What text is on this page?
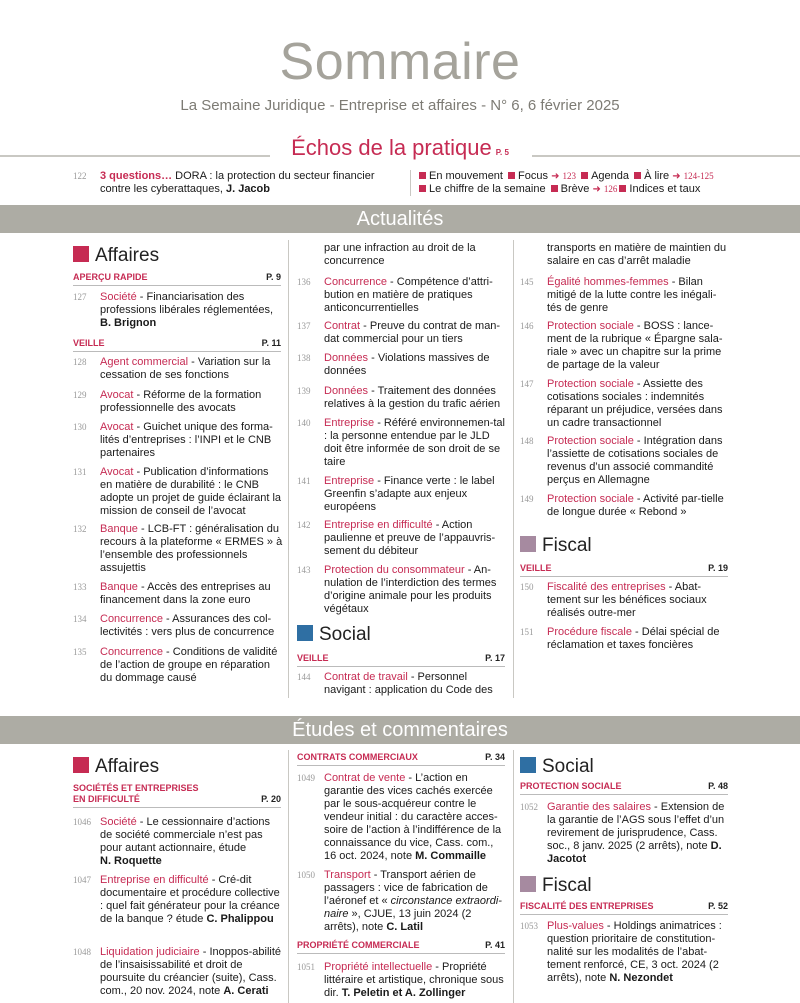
Sommaire
La Semaine Juridique - Entreprise et affaires - N° 6, 6 février 2025
Échos de la pratique P. 5
122 3 questions… DORA : la protection du secteur financier contre les cyberattaques, J. Jacob
En mouvement Focus ➜ 123 Agenda À lire ➜ 124-125
Le chiffre de la semaine Brève ➜ 126 Indices et taux
Actualités
Affaires
APERÇU RAPIDE	P. 9
127 Société - Financiarisation des professions libérales réglementées,
B. Brignon
VEILLE	P. 11
128 Agent commercial - Variation sur la cessation de ses fonctions
129 Avocat - Réforme de la formation professionnelle des avocats
130 Avocat - Guichet unique des forma-lités d’entreprises : l’INPI et le CNB partenaires
131 Avocat - Publication d’informations en matière de durabilité : le CNB adopte un projet de guide éclairant la mission de conseil de l’avocat
132 Banque - LCB-FT : généralisation du recours à la plateforme « ERMES » à l’ensemble des professionnels assujettis
133 Banque - Accès des entreprises au financement dans la zone euro
134 Concurrence - Assurances des col-lectivités : vers plus de concurrence
135 Concurrence - Conditions de validité de l’action de groupe en réparation du dommage causé
par une infraction au droit de la concurrence
136 Concurrence - Compétence d’attri-bution en matière de pratiques anticoncurrentielles
137 Contrat - Preuve du contrat de man-dat commercial pour un tiers
138 Données - Violations massives de données
139 Données - Traitement des données relatives à la gestion du trafic aérien
140 Entreprise - Référé environnemen-tal : la personne entendue par le JLD doit être informée de son droit de se taire
141 Entreprise - Finance verte : le label Greenfin s’adapte aux enjeux européens
142 Entreprise en difficulté - Action paulienne et preuve de l’appauvris-sement du débiteur
143 Protection du consommateur - An-nulation de l’interdiction des termes d’origine animale pour les produits végétaux
Social
VEILLE	P. 17
144 Contrat de travail - Personnel navigant : application du Code des
transports en matière de maintien du salaire en cas d’arrêt maladie
145 Égalité hommes-femmes - Bilan mitigé de la lutte contre les inégali-tés de genre
146 Protection sociale - BOSS : lance-ment de la rubrique « Épargne sala-riale » avec un chapitre sur la prime de partage de la valeur
147 Protection sociale - Assiette des cotisations sociales : indemnités réparant un préjudice, versées dans un cadre transactionnel
148 Protection sociale - Intégration dans l’assiette de cotisations sociales de revenus d’un associé commandité perçus en Allemagne
149 Protection sociale - Activité par-tielle de longue durée « Rebond »
Fiscal
VEILLE	P. 19
150 Fiscalité des entreprises - Abat-tement sur les bénéfices sociaux réalisés outre-mer
151 Procédure fiscale - Délai spécial de réclamation et taxes foncières
Études et commentaires
Affaires
SOCIÉTÉS ET ENTREPRISES
EN DIFFICULTÉ	P. 20
1046 Société - Le cessionnaire d’actions de société commerciale n’est pas pour autant actionnaire, étude
N. Roquette
1047 Entreprise en difficulté - Cré-dit documentaire et procédure collective : quel fait générateur pour la créance de la banque ? étude C. Phalippou
1048 Liquidation judiciaire - Inoppos-abilité de l’insaisissabilité et droit de poursuite du créancier (suite), Cass. com., 20 nov. 2024, note A. Cerati
CONTRATS COMMERCIAUX	P. 34
1049 Contrat de vente - L’action en garantie des vices cachés exercée par le sous-acquéreur contre le vendeur initial : du caractère acces-soire de l’action à l’indifférence de la connaissance du vice, Cass. com., 16 oct. 2024, note M. Commaille
1050 Transport - Transport aérien de passagers : vice de fabrication de l’aéronef et « circonstance extraordi-naire », CJUE, 13 juin 2024 (2 arrêts), note C. Latil
PROPRIÉTÉ COMMERCIALE	P. 41
1051 Propriété intellectuelle - Propriété littéraire et artistique, chronique sous dir. T. Peletin et A. Zollinger
Social
PROTECTION SOCIALE	P. 48
1052 Garantie des salaires - Extension de la garantie de l’AGS sous l’effet d’un revirement de jurisprudence, Cass. soc., 8 janv. 2025 (2 arrêts), note D. Jacotot
Fiscal
FISCALITÉ DES ENTREPRISES	P. 52
1053 Plus-values - Holdings animatrices : question prioritaire de constitution-nalité sur les modalités de l’abat-tement renforcé, CE, 3 oct. 2024 (2 arrêts), note N. Nezondet
